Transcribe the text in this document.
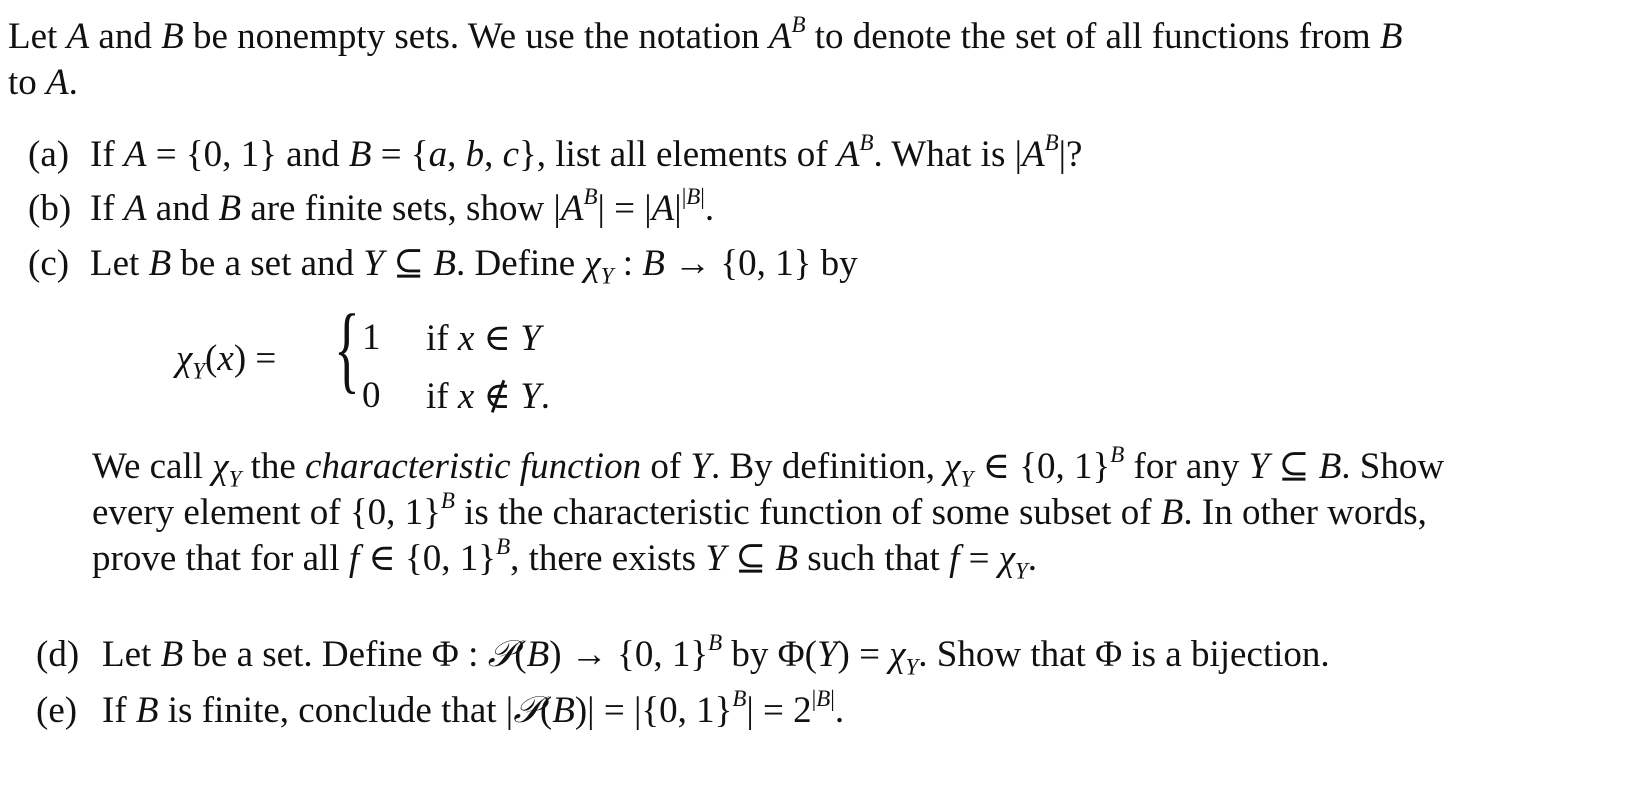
Let A and B be nonempty sets. We use the notation $A^B$ to denote the set of all functions from B
to A.
(a) If A = {0, 1} and B = {a, b, c}, list all elements of $A^B$. What is $|A^B|$?
(b) If A and B are finite sets, show $|A^B| = |A|^{|B|}$.
(c) Let B be a set and Y ⊆ B. Define $\chi_Y$ : B → {0, 1} by
$\chi_Y(x)$ = { 1 if x ∈ Y
0 if x ∉ Y.
We call $\chi_Y$ the characteristic function of Y. By definition, $\chi_Y$ ∈ {0, 1}$^B$ for any Y ⊆ B. Show
every element of {0, 1}$^B$ is the characteristic function of some subset of B. In other words,
prove that for all f ∈ {0, 1}$^B$, there exists Y ⊆ B such that $f = \chi_Y$.
(d) Let B be a set. Define Φ : 𝒫(B) → {0, 1}$^B$ by $\Phi(Y) = \chi_Y$. Show that Φ is a bijection.
(e) If B is finite, conclude that |𝒫(B)| = |{0, $1\}^B| = 2^{|B|}$.
